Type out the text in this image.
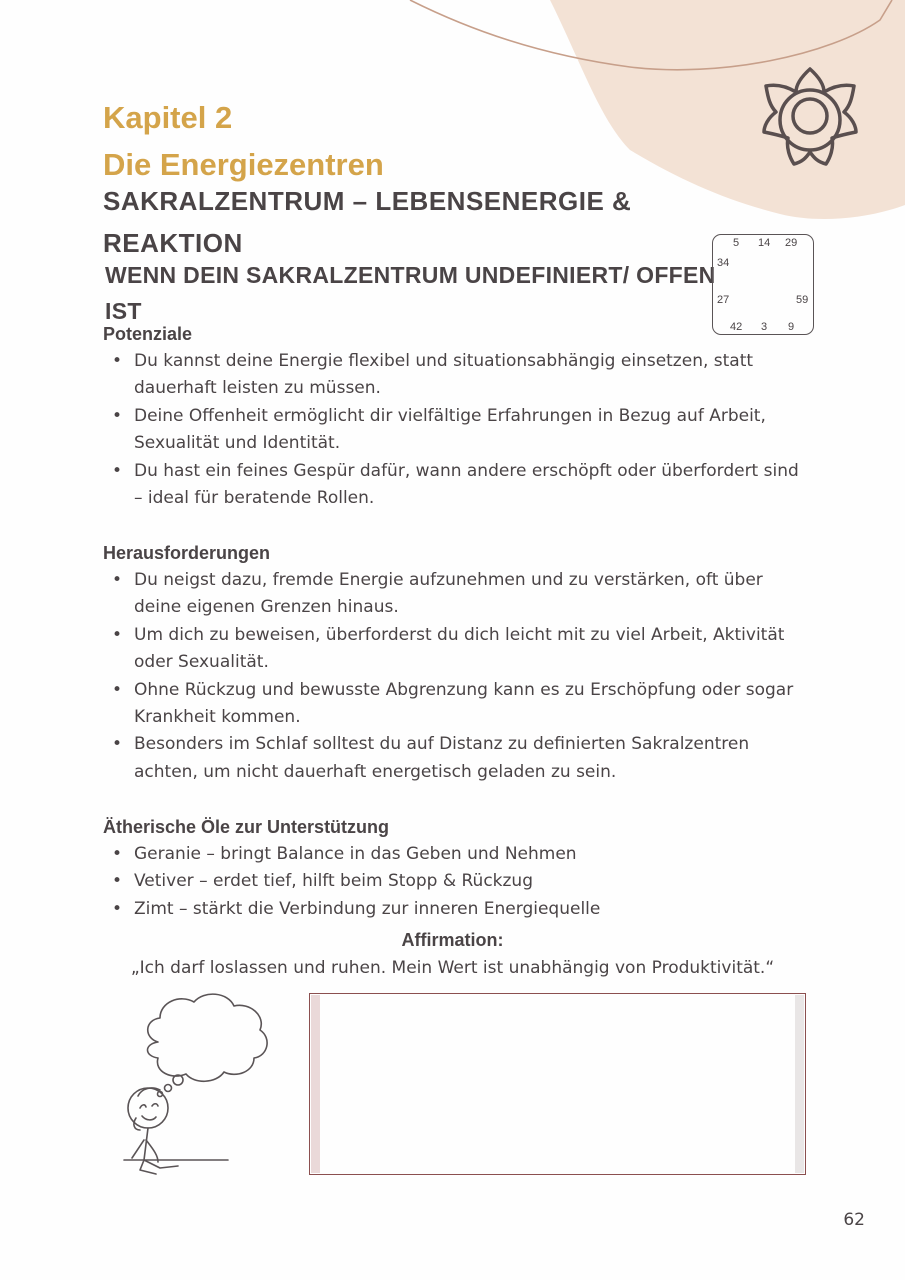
Kapitel 2
Die Energiezentren
SAKRALZENTRUM – LEBENSENERGIE & REAKTION
WENN DEIN SAKRALZENTRUM UNDEFINIERT/ OFFEN IST
5 14 29
34
27	59
42 3 9

Potenziale

• Du kannst deine Energie flexibel und situationsabhängig einsetzen, statt dauerhaft leisten zu müssen.
• Deine Offenheit ermöglicht dir vielfältige Erfahrungen in Bezug auf Arbeit, Sexualität und Identität.
• Du hast ein feines Gespür dafür, wann andere erschöpft oder überfordert sind – ideal für beratende Rollen.

Herausforderungen

• Du neigst dazu, fremde Energie aufzunehmen und zu verstärken, oft über deine eigenen Grenzen hinaus.
• Um dich zu beweisen, überforderst du dich leicht mit zu viel Arbeit, Aktivität oder Sexualität.
• Ohne Rückzug und bewusste Abgrenzung kann es zu Erschöpfung oder sogar Krankheit kommen.
• Besonders im Schlaf solltest du auf Distanz zu definierten Sakralzentren achten, um nicht dauerhaft energetisch geladen zu sein.

Ätherische Öle zur Unterstützung

• Geranie – bringt Balance in das Geben und Nehmen
• Vetiver – erdet tief, hilft beim Stopp & Rückzug
• Zimt – stärkt die Verbindung zur inneren Energiequelle

Affirmation:

„Ich darf loslassen und ruhen. Mein Wert ist unabhängig von Produktivität.“

62
